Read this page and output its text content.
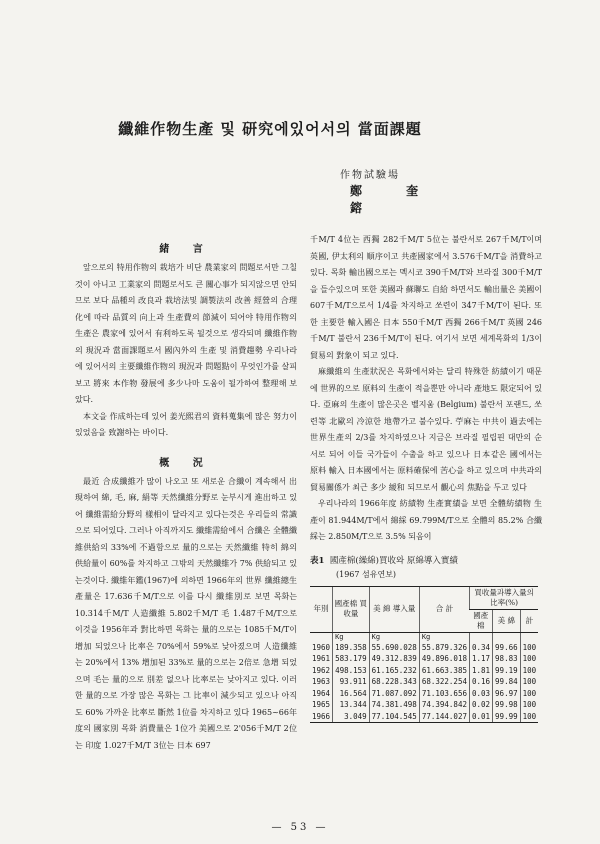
纖維作物生產 및 研究에있어서의 當面課題
作物試驗場
鄭 奎 鎔

緒 言

앞으로의 特用作物의 栽培가 비단 農業家의 問題로서만 그칠것이 아니고 工業家의 問題로서도 큰 關心事가 되지않으면 안되므로 보다 品種의 改良과 栽培法및 調製法의 改善 經營의 合理化에 따라 品質의 向上과 生產費의 節減이 되어야 特用作物의 生產은 農家에 있어서 有利하도록 될것으로 생각되며 纖維作物의 現況과 當面課題로서 國內外의 生產 및 消費趨勢 우리나라에 있어서의 主要纖維作物의 現況과 問題點이 무엇인가를 살피보고 將來 本作物 發展에 多少나마 도움이 될가하여 整理해 보았다.

本文을 作成하는데 있어 姜光熙君의 資料蒐集에 많은 努力이 있었음을 致謝하는 바이다.

概 況

最近 合成纖維가 많이 나오고 또 새로운 合纖이 계속해서 出現하여 綿, 毛, 麻, 絹等 天然纖維分野로 눈부시게 進出하고 있어 纖維需給分野의 樣相이 달라지고 있다는것은 우리들의 常識으로 되어있다. 그러나 아직까지도 纖維需給에서 合纖은 全體纖維供給의 33%에 不過함으로 量的으로는 天然纖維 特히 綿의 供給量이 60%를 차지하고 그밖의 天然纖維가 7% 供給되고 있는것이다. 纖維年鑑(1967)에 의하면 1966年의 世界 纖維總生產量은 17.636千M/T으로 이를 다시 纖維別로 보면 목화는 10.314千M/T 人造纖維 5.802千M/T 毛 1.487千M/T으로 이것을 1956年과 對比하면 목화는 量的으로는 1085千M/T이 增加 되었으나 比率은 70%에서 59%로 낮아졌으며 人造纖維는 20%에서 13% 增加된 33%로 量的으로는 2倍로 急增 되었으며 毛는 量的으로 別差 없으나 比率로는 낮아지고 있다. 이러한 量的으로 가장 많은 목화는 그 比率이 減少되고 있으나 아직도 60% 가까운 比率로 斷然 1位를 차지하고 있다 1965~66年度의 國家別 목화 消費量은 1位가 美國으로 2'056千M/T 2位는 印度 1.027千M/T 3位는 日本 697

千M/T 4位는 西獨 282千M/T 5位는 불란서로 267千M/T이며 英國, 伊太利의 順序이고 共產國家에서 3.576千M/T을 消費하고 있다. 목화 輸出國으로는 멕시코 390千M/T와 브라질 300千M/T을 들수있으며 또한 美國과 蘇聯도 自給 하면서도 輸出量은 美國이 607千M/T으로서 1/4를 차지하고 쏘련이 347千M/T이 된다. 또한 主要한 輸入國은 日本 550千M/T 西獨 266千M/T 英國 246千M/T 불란서 236千M/T이 된다. 여기서 보면 세계목화의 1/3이 貿易의 對象이 되고 있다.

麻纖維의 生產狀況은 목화에서와는 달리 特殊한 紡績이기 때문에 世界的으로 原料의 生產이 적을뿐만 아니라 產地도 限定되어 있다. 亞麻의 生產이 많은곳은 벨지움 (Belgium) 불란서 포랜드, 쏘련等 北歐의 冷涼한 地帶가고 불수있다. 苧麻는 中共이 過去에는 世界生產의 2/3를 차지하였으나 지금은 브라질 필립핀 대만의 순서로 되어 이들 국가들이 수출을 하고 있으나 日本같은 國에서는 原料 輸入 日本國에서는 原料確保에 苦心을 하고 있으며 中共과의 貿易關係가 최근 多少 緩和 되므로서 觀心의 焦點을 두고 있다

우리나라의 1966年度 紡績物 生產實績을 보면 全體紡績物 生產이 81.944M/T에서 綿綵 69.799M/T으로 全體의 85.2% 合纖綵는 2.850M/T으로 3.5% 되음이

表1 國產棉(繰綿)買收와 原綿導入實績
(1967 섬유연보)
年別	國產棉 買收量	美 綿 導入量	合 計	買收量과導入量의 比率(%)		
				國產棉	美 綿	計
	Kg	Kg	Kg			
1960	189.358	55.690.028	55.879.326	0.34	99.66	100
1961	583.179	49.312.839	49.896.018	1.17	98.83	100
1962	498.153	61.165.232	61.663.385	1.81	99.19	100
1963	93.911	68.228.343	68.322.254	0.16	99.84	100
1964	16.564	71.087.092	71.103.656	0.03	96.97	100
1965	13.344	74.381.498	74.394.842	0.02	99.98	100
1966	3.049	77.104.545	77.144.027	0.01	99.99	100
— 53 —
